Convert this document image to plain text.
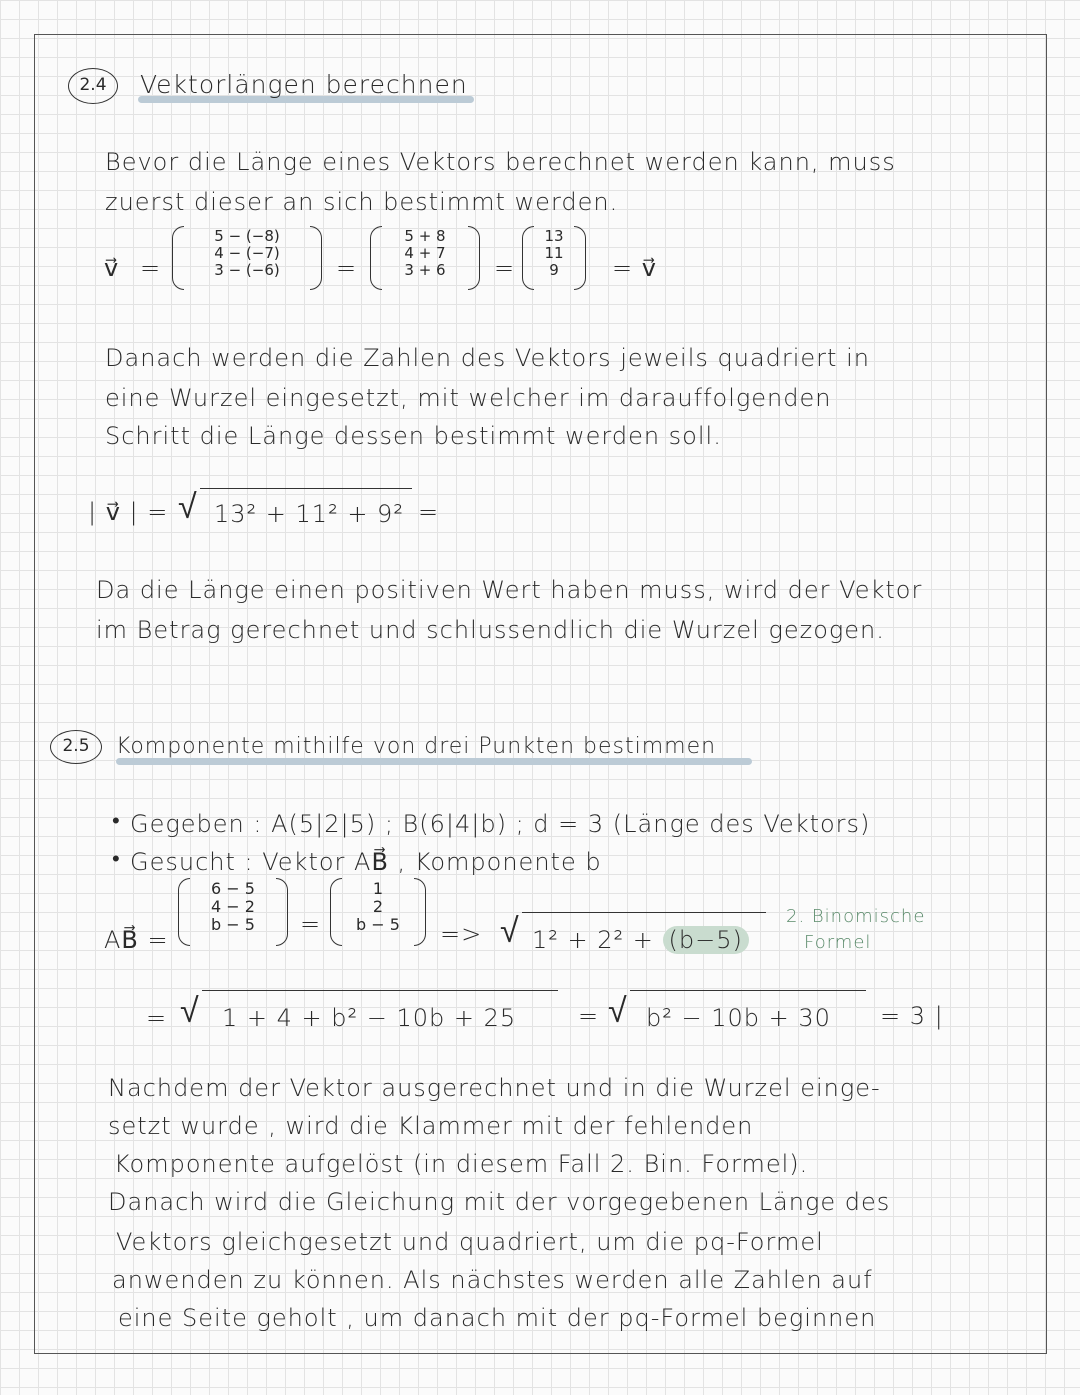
2.4	Vektorlängen berechnen
Bevor die Länge eines Vektors berechnet werden kann, muss
zuerst dieser an sich bestimmt werden.
v⃗ =
5 − (−8)
4 − (−7)
3 − (−6)	=
5 + 8
4 + 7
3 + 6	=
13
11
9	= v⃗
Danach werden die Zahlen des Vektors jeweils quadriert in
eine Wurzel eingesetzt, mit welcher im darauffolgenden
Schritt die Länge dessen bestimmt werden soll.
| v⃗ | = √ 13² + 11² + 9² =
Da die Länge einen positiven Wert haben muss, wird der Vektor
im Betrag gerechnet und schlussendlich die Wurzel gezogen.
2.5	Komponente mithilfe von drei Punkten bestimmen
• Gegeben : A(5|2|5) ; B(6|4|b) ; d = 3 (Länge des Vektors)
• Gesucht : Vektor AB⃗ , Komponente b
AB⃗ =
6 − 5
4 − 2
b − 5	=
1
2
b − 5	=> √ 1² + 2² + (b−5)
2. Binomische
Formel
= √ 1 + 4 + b² − 10b + 25	= √ b² − 10b + 30 = 3 |
Nachdem der Vektor ausgerechnet und in die Wurzel einge-
setzt wurde , wird die Klammer mit der fehlenden
Komponente aufgelöst (in diesem Fall 2. Bin. Formel).
Danach wird die Gleichung mit der vorgegebenen Länge des
Vektors gleichgesetzt und quadriert, um die pq-Formel
anwenden zu können. Als nächstes werden alle Zahlen auf
eine Seite geholt , um danach mit der pq-Formel beginnen
